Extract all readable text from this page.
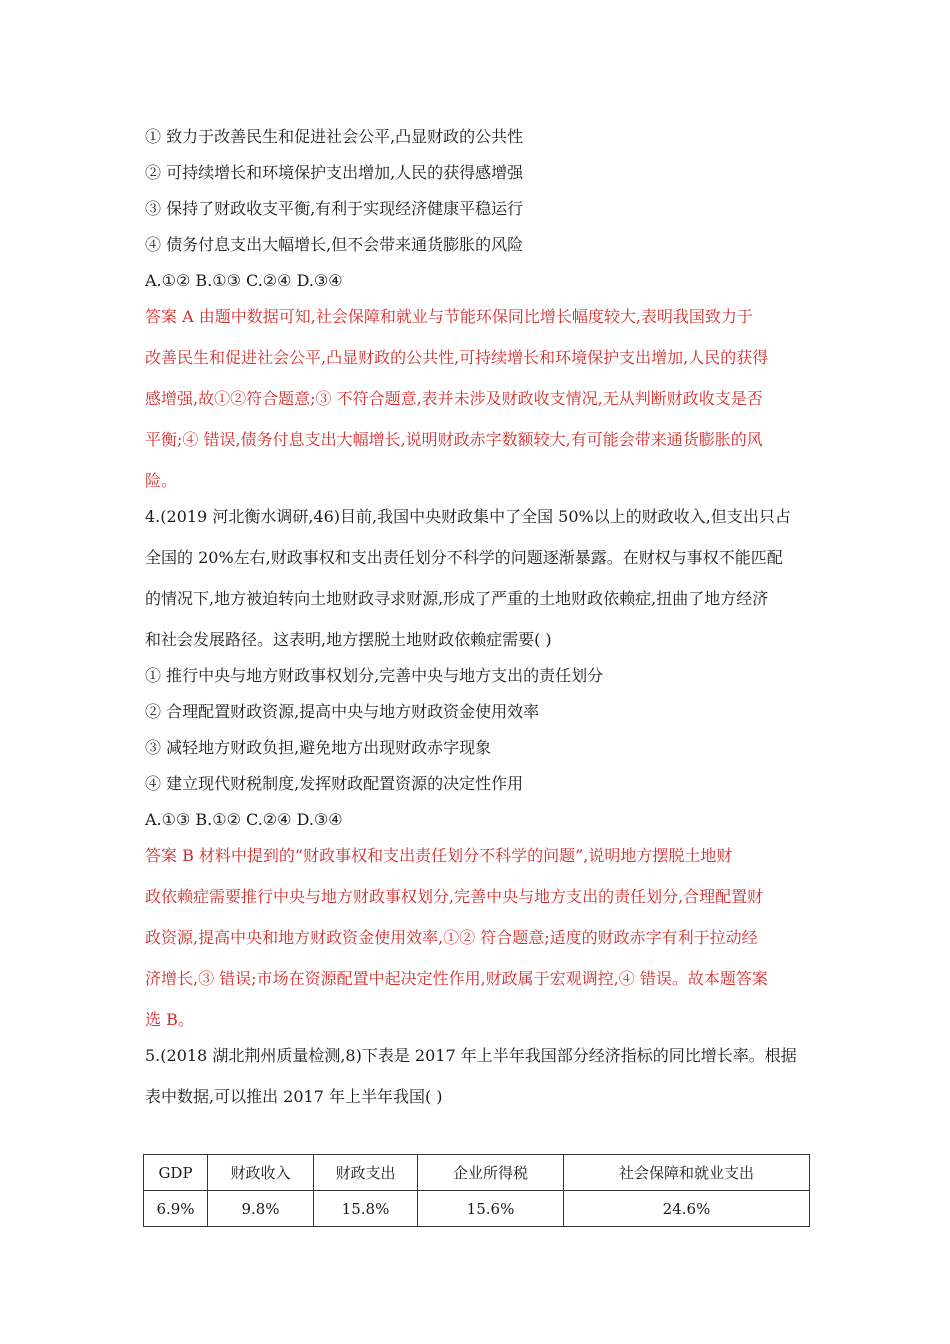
① 致力于改善民生和促进社会公平,凸显财政的公共性
② 可持续增长和环境保护支出增加,人民的获得感增强
③ 保持了财政收支平衡,有利于实现经济健康平稳运行
④ 债务付息支出大幅增长,但不会带来通货膨胀的风险
A.①② B.①③ C.②④ D.③④
答案 A 由题中数据可知,社会保障和就业与节能环保同比增长幅度较大,表明我国致力于
改善民生和促进社会公平,凸显财政的公共性,可持续增长和环境保护支出增加,人民的获得
感增强,故①②符合题意;③ 不符合题意,表并未涉及财政收支情况,无从判断财政收支是否
平衡;④ 错误,债务付息支出大幅增长,说明财政赤字数额较大,有可能会带来通货膨胀的风
险。
4.(2019 河北衡水调研,46)目前,我国中央财政集中了全国 50%以上的财政收入,但支出只占
全国的 20%左右,财政事权和支出责任划分不科学的问题逐渐暴露。在财权与事权不能匹配
的情况下,地方被迫转向土地财政寻求财源,形成了严重的土地财政依赖症,扭曲了地方经济
和社会发展路径。这表明,地方摆脱土地财政依赖症需要( )
① 推行中央与地方财政事权划分,完善中央与地方支出的责任划分
② 合理配置财政资源,提高中央与地方财政资金使用效率
③ 减轻地方财政负担,避免地方出现财政赤字现象
④ 建立现代财税制度,发挥财政配置资源的决定性作用
A.①③ B.①② C.②④ D.③④
答案 B 材料中提到的“财政事权和支出责任划分不科学的问题”,说明地方摆脱土地财
政依赖症需要推行中央与地方财政事权划分,完善中央与地方支出的责任划分,合理配置财
政资源,提高中央和地方财政资金使用效率,①② 符合题意;适度的财政赤字有利于拉动经
济增长,③ 错误;市场在资源配置中起决定性作用,财政属于宏观调控,④ 错误。故本题答案
选 B。
5.(2018 湖北荆州质量检测,8)下表是 2017 年上半年我国部分经济指标的同比增长率。根据
表中数据,可以推出 2017 年上半年我国( )
GDP	财政收入	财政支出	企业所得税	社会保障和就业支出
6.9%	9.8%	15.8%	15.6%	24.6%
